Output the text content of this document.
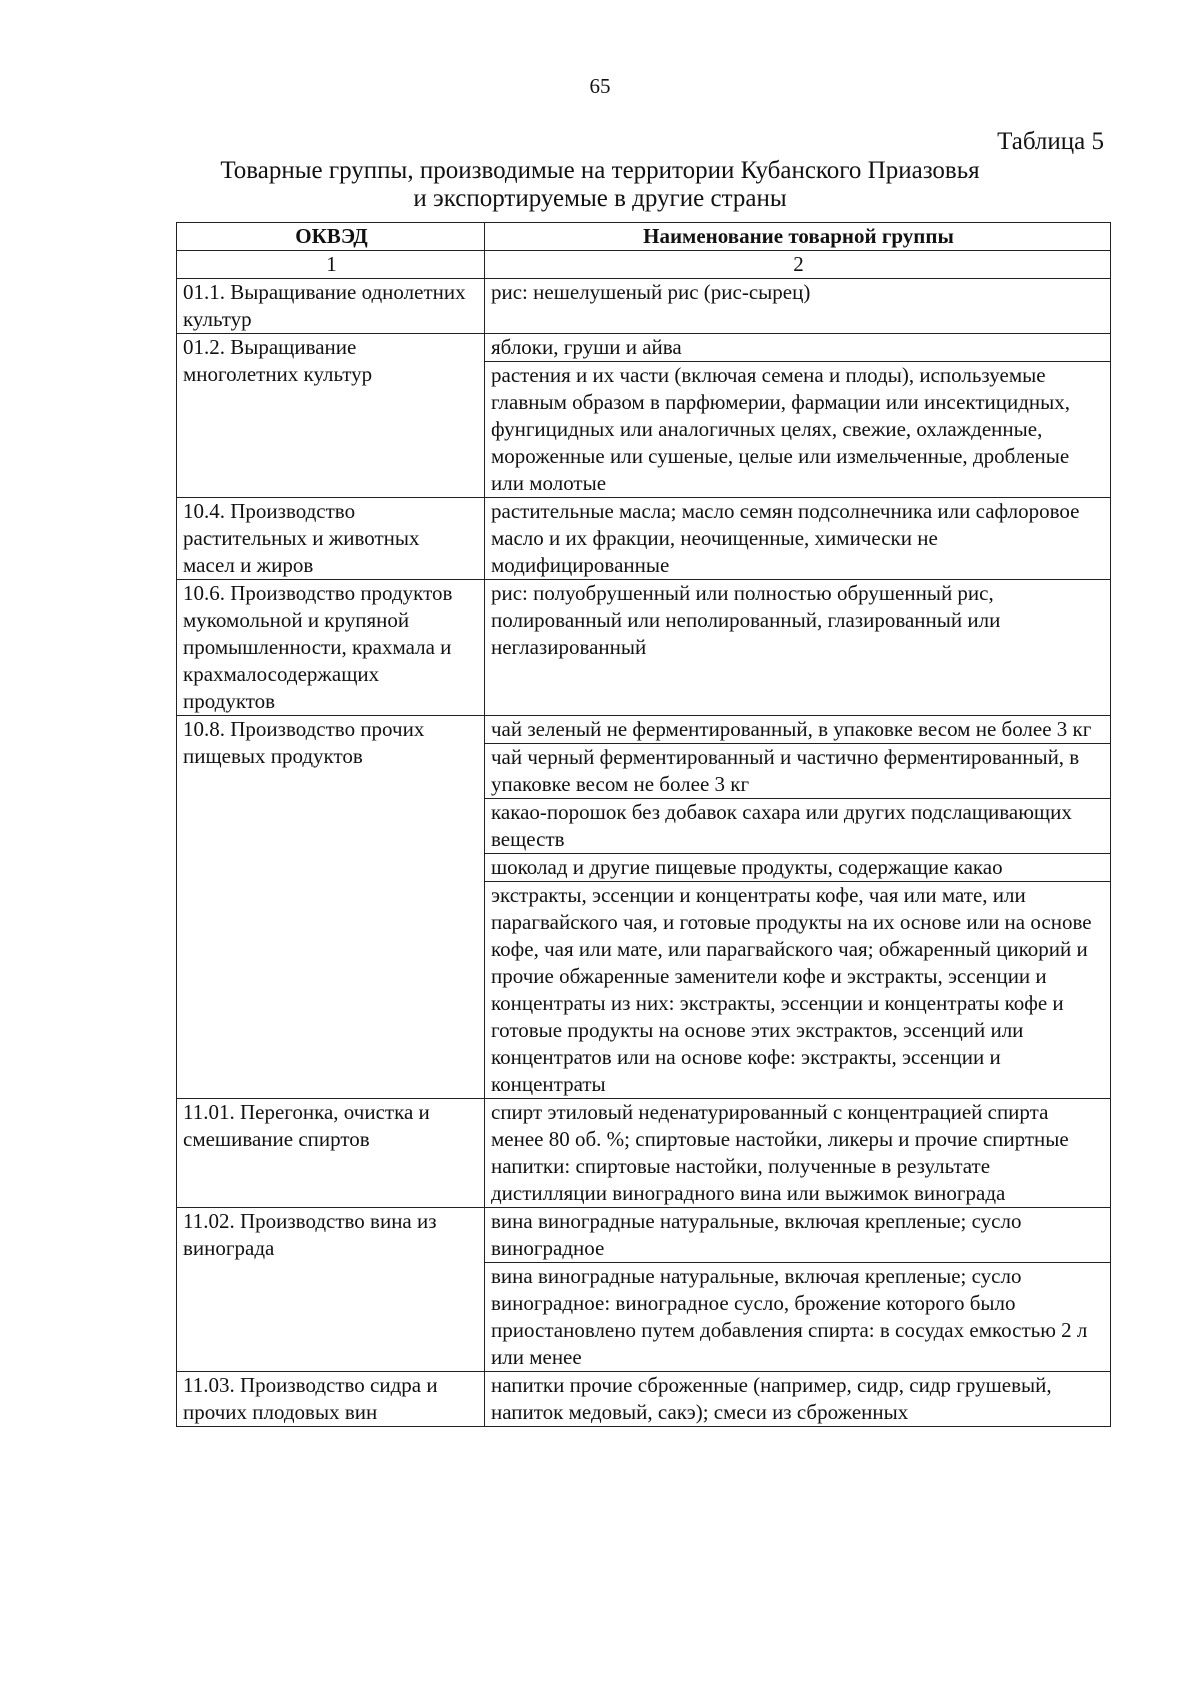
65
Таблица 5
Товарные группы, производимые на территории Кубанского Приазовья
и экспортируемые в другие страны
ОКВЭД	Наименование товарной группы
1	2
01.1. Выращивание однолетних культур	рис: нешелушеный рис (рис-сырец)
01.2. Выращивание многолетних культур	яблоки, груши и айва
	растения и их части (включая семена и плоды), используемые главным образом в парфюмерии, фармации или инсектицидных, фунгицидных или аналогичных целях, свежие, охлажденные, мороженные или сушеные, целые или измельченные, дробленые или молотые
10.4. Производство растительных и животных масел и жиров	растительные масла; масло семян подсолнечника или сафлоровое масло и их фракции, неочищенные, химически не модифицированные
10.6. Производство продуктов мукомольной и крупяной промышленности, крахмала и крахмалосодержащих продуктов	рис: полуобрушенный или полностью обрушенный рис, полированный или неполированный, глазированный или неглазированный
10.8. Производство прочих пищевых продуктов	чай зеленый не ферментированный, в упаковке весом не более 3 кг
	чай черный ферментированный и частично ферментированный, в упаковке весом не более 3 кг
	какао-порошок без добавок сахара или других подслащивающих веществ
	шоколад и другие пищевые продукты, содержащие какао
	экстракты, эссенции и концентраты кофе, чая или мате, или парагвайского чая, и готовые продукты на их основе или на основе кофе, чая или мате, или парагвайского чая; обжаренный цикорий и прочие обжаренные заменители кофе и экстракты, эссенции и концентраты из них: экстракты, эссенции и концентраты кофе и готовые продукты на основе этих экстрактов, эссенций или концентратов или на основе кофе: экстракты, эссенции и концентраты
11.01. Перегонка, очистка и смешивание спиртов	спирт этиловый неденатурированный с концентрацией спирта менее 80 об. %; спиртовые настойки, ликеры и прочие спиртные напитки: спиртовые настойки, полученные в результате дистилляции виноградного вина или выжимок винограда
11.02. Производство вина из винограда	вина виноградные натуральные, включая крепленые; сусло виноградное
	вина виноградные натуральные, включая крепленые; сусло виноградное: виноградное сусло, брожение которого было приостановлено путем добавления спирта: в сосудах емкостью 2 л или менее
11.03. Производство сидра и прочих плодовых вин	напитки прочие сброженные (например, сидр, сидр грушевый, напиток медовый, сакэ); смеси из сброженных
